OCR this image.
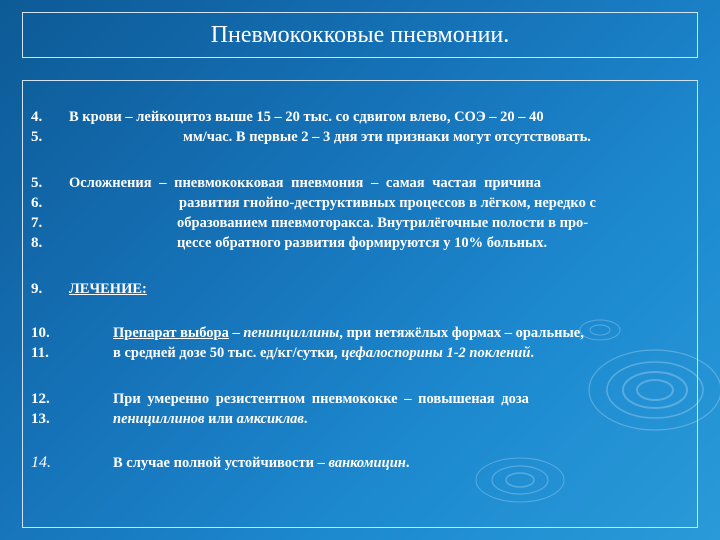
Пневмококковые пневмонии.
4.
5.
В крови – лейкоцитоз выше 15 – 20 тыс. со сдвигом влево, СОЭ – 20 – 40
мм/час. В первые 2 – 3 дня эти признаки могут отсутствовать.
5.
6.
7.
8.
Осложнения – пневмококковая пневмония – самая частая причина
развития гнойно-деструктивных процессов в лёгком, нередко с
образованием пневмоторакса. Внутрилёгочные полости в про-
цессе обратного развития формируются у 10% больных.
9. ЛЕЧЕНИЕ:
10.
11.
Препарат выбора – пенинциллины, при нетяжёлых формах – оральные,
в средней дозе 50 тыс. ед/кг/сутки, цефалоспорины 1-2 поклений.
12.
13.
При умеренно резистентном пневмококке – повышеная доза
пенициллинов или амксиклав.
14.	В случае полной устойчивости – ванкомицин.
